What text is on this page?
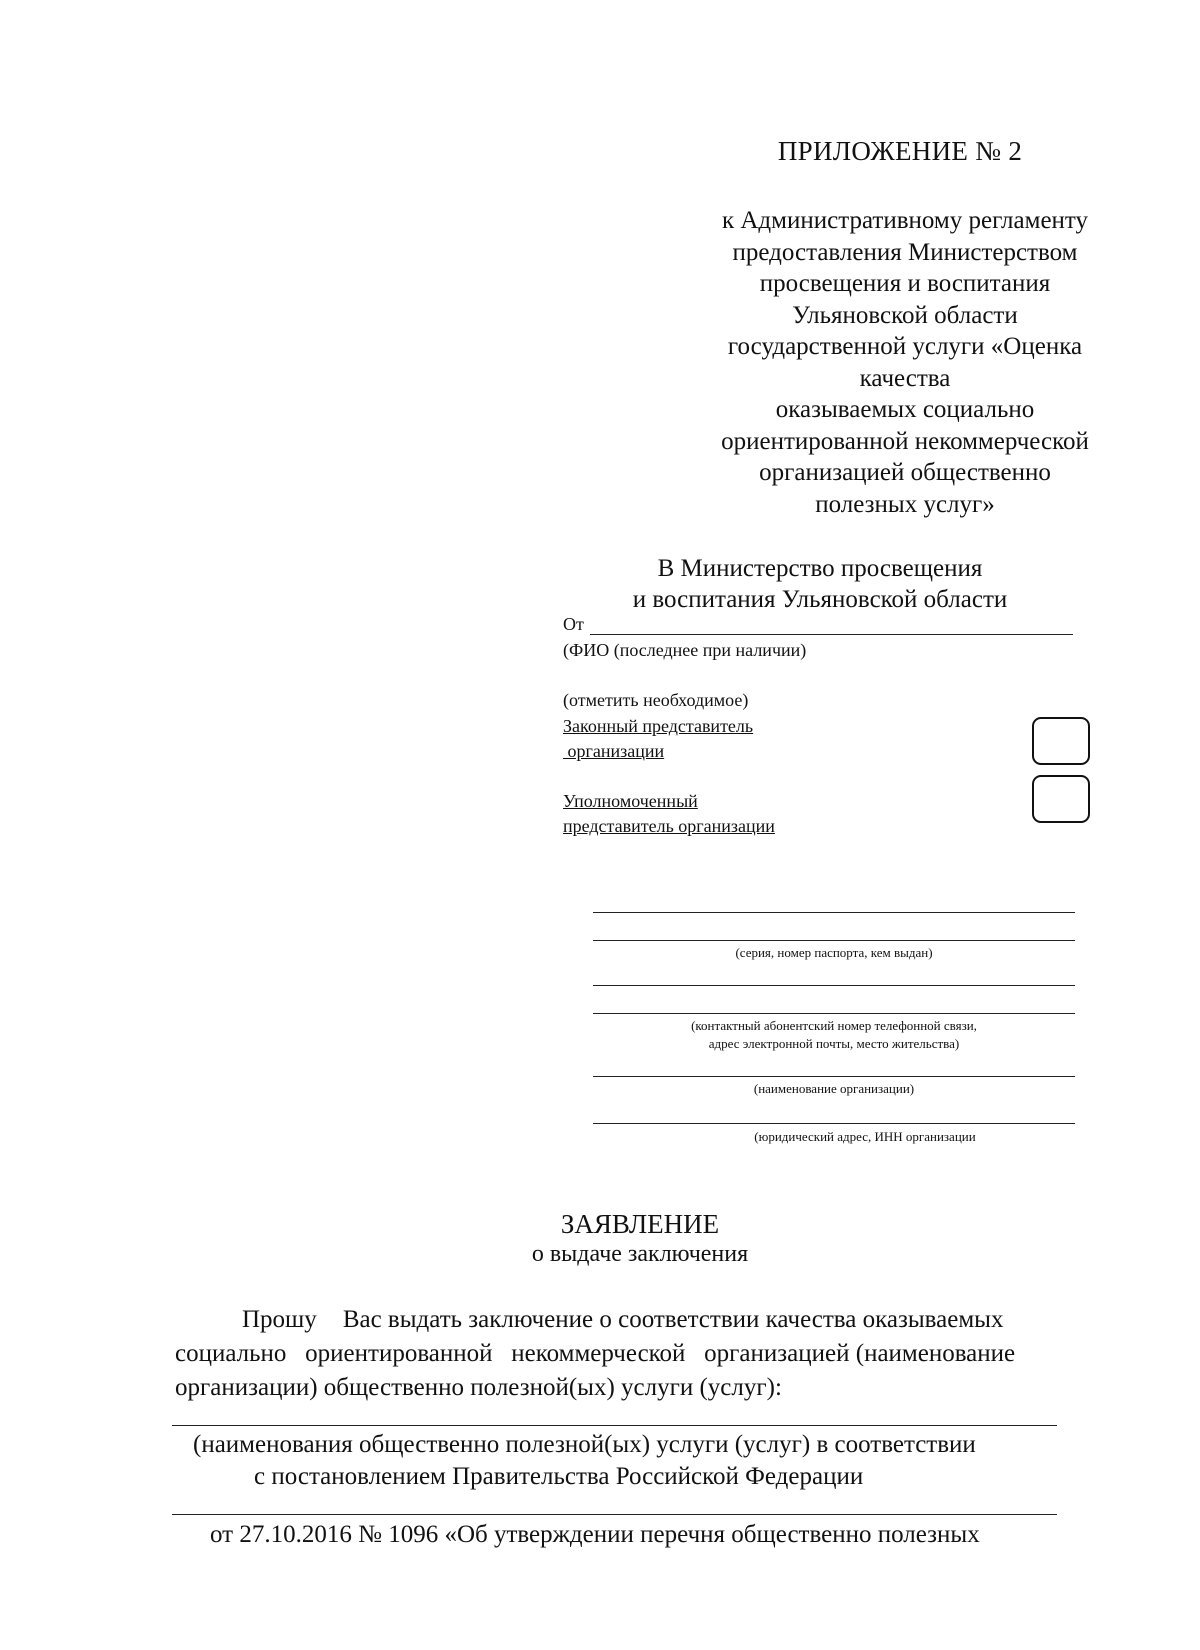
ПРИЛОЖЕНИЕ № 2
к Административному регламенту
предоставления Министерством
просвещения и воспитания
Ульяновской области
государственной услуги «Оценка
качества
оказываемых социально
ориентированной некоммерческой
организацией общественно
полезных услуг»
В Министерство просвещения
и воспитания Ульяновской области
От
(ФИО (последнее при наличии)
(отметить необходимое)
Законный представитель
организации
Уполномоченный
представитель организации
(серия, номер паспорта, кем выдан)
(контактный абонентский номер телефонной связи,
адрес электронной почты, место жительства)
(наименование организации)
(юридический адрес, ИНН организации
ЗАЯВЛЕНИЕ
о выдаче заключения
Прошу Вас выдать заключение о соответствии качества оказываемых
социально   ориентированной   некоммерческой   организацией (наименование
организации) общественно полезной(ых) услуги (услуг):
(наименования общественно полезной(ых) услуги (услуг) в соответствии
с постановлением Правительства Российской Федерации
от 27.10.2016 № 1096 «Об утверждении перечня общественно полезных
